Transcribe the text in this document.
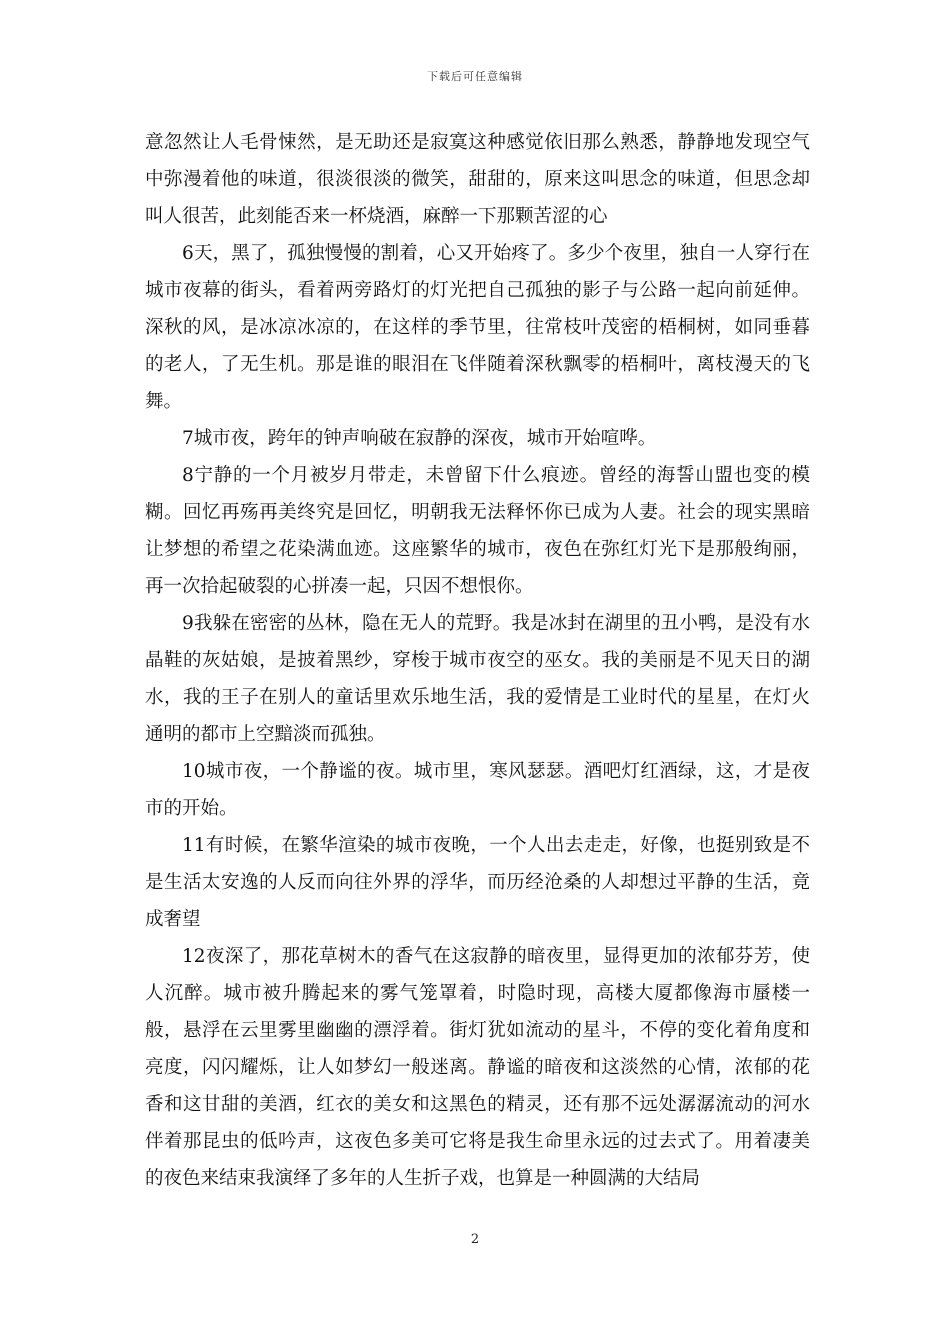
下载后可任意编辑

意忽然让人毛骨悚然，是无助还是寂寞这种感觉依旧那么熟悉，静静地发现空气中弥漫着他的味道，很淡很淡的微笑，甜甜的，原来这叫思念的味道，但思念却叫人很苦，此刻能否来一杯烧酒，麻醉一下那颗苦涩的心

6天，黑了，孤独慢慢的割着，心又开始疼了。多少个夜里，独自一人穿行在城市夜幕的街头，看着两旁路灯的灯光把自己孤独的影子与公路一起向前延伸。深秋的风，是冰凉冰凉的，在这样的季节里，往常枝叶茂密的梧桐树，如同垂暮的老人，了无生机。那是谁的眼泪在飞伴随着深秋飘零的梧桐叶，离枝漫天的飞舞。

7城市夜，跨年的钟声响破在寂静的深夜，城市开始喧哗。

8宁静的一个月被岁月带走，未曾留下什么痕迹。曾经的海誓山盟也变的模糊。回忆再殇再美终究是回忆，明朝我无法释怀你已成为人妻。社会的现实黑暗让梦想的希望之花染满血迹。这座繁华的城市，夜色在弥红灯光下是那般绚丽，再一次拾起破裂的心拼凑一起，只因不想恨你。

9我躲在密密的丛林，隐在无人的荒野。我是冰封在湖里的丑小鸭，是没有水晶鞋的灰姑娘，是披着黑纱，穿梭于城市夜空的巫女。我的美丽是不见天日的湖水，我的王子在别人的童话里欢乐地生活，我的爱情是工业时代的星星，在灯火通明的都市上空黯淡而孤独。

10城市夜，一个静谧的夜。城市里，寒风瑟瑟。酒吧灯红酒绿，这，才是夜市的开始。

11有时候，在繁华渲染的城市夜晚，一个人出去走走，好像，也挺别致是不是生活太安逸的人反而向往外界的浮华，而历经沧桑的人却想过平静的生活，竟成奢望

12夜深了，那花草树木的香气在这寂静的暗夜里，显得更加的浓郁芬芳，使人沉醉。城市被升腾起来的雾气笼罩着，时隐时现，高楼大厦都像海市蜃楼一般，悬浮在云里雾里幽幽的漂浮着。街灯犹如流动的星斗，不停的变化着角度和亮度，闪闪耀烁，让人如梦幻一般迷离。静谧的暗夜和这淡然的心情，浓郁的花香和这甘甜的美酒，红衣的美女和这黑色的精灵，还有那不远处潺潺流动的河水伴着那昆虫的低吟声，这夜色多美可它将是我生命里永远的过去式了。用着凄美的夜色来结束我演绎了多年的人生折子戏，也算是一种圆满的大结局

2
